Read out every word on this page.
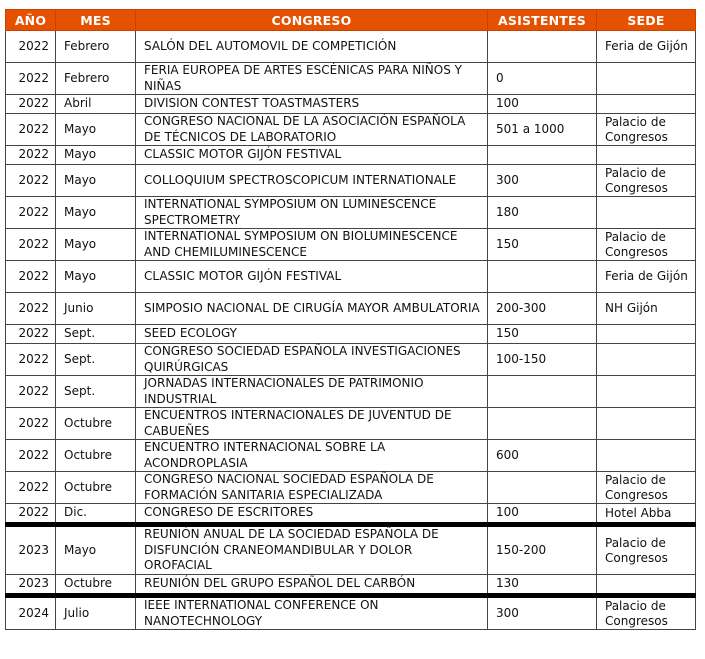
AÑO	MES	CONGRESO	ASISTENTES	SEDE
2022	Febrero	SALÓN DEL AUTOMOVIL DE COMPETICIÓN		Feria de Gijón
2022	Febrero	FERIA EUROPEA DE ARTES ESCÉNICAS PARA NIÑOS Y NIÑAS	0	
2022	Abril	DIVISION CONTEST TOASTMASTERS	100	
2022	Mayo	CONGRESO NACIONAL DE LA ASOCIACIÓN ESPAÑOLA DE TÉCNICOS DE LABORATORIO	501 a 1000	Palacio de Congresos
2022	Mayo	CLASSIC MOTOR GIJÓN FESTIVAL		
2022	Mayo	COLLOQUIUM SPECTROSCOPICUM INTERNATIONALE	300	Palacio de Congresos
2022	Mayo	INTERNATIONAL SYMPOSIUM ON LUMINESCENCE SPECTROMETRY	180	
2022	Mayo	INTERNATIONAL SYMPOSIUM ON BIOLUMINESCENCE AND CHEMILUMINESCENCE	150	Palacio de Congresos
2022	Mayo	CLASSIC MOTOR GIJÓN FESTIVAL		Feria de Gijón
2022	Junio	SIMPOSIO NACIONAL DE CIRUGÍA MAYOR AMBULATORIA	200-300	NH Gijón
2022	Sept.	SEED ECOLOGY	150	
2022	Sept.	CONGRESO SOCIEDAD ESPAÑOLA INVESTIGACIONES QUIRÚRGICAS	100-150	
2022	Sept.	JORNADAS INTERNACIONALES DE PATRIMONIO INDUSTRIAL		
2022	Octubre	ENCUENTROS INTERNACIONALES DE JUVENTUD DE CABUEÑES		
2022	Octubre	ENCUENTRO INTERNACIONAL SOBRE LA ACONDROPLASIA	600	
2022	Octubre	CONGRESO NACIONAL SOCIEDAD ESPAÑOLA DE FORMACIÓN SANITARIA ESPECIALIZADA		Palacio de Congresos
2022	Dic.	CONGRESO DE ESCRITORES	100	Hotel Abba
2023	Mayo	REUNIÓN ANUAL DE LA SOCIEDAD ESPAÑOLA DE DISFUNCIÓN CRANEOMANDIBULAR Y DOLOR OROFACIAL	150-200	Palacio de Congresos
2023	Octubre	REUNIÓN DEL GRUPO ESPAÑOL DEL CARBÓN	130	
2024	Julio	IEEE INTERNATIONAL CONFERENCE ON NANOTECHNOLOGY	300	Palacio de Congresos
